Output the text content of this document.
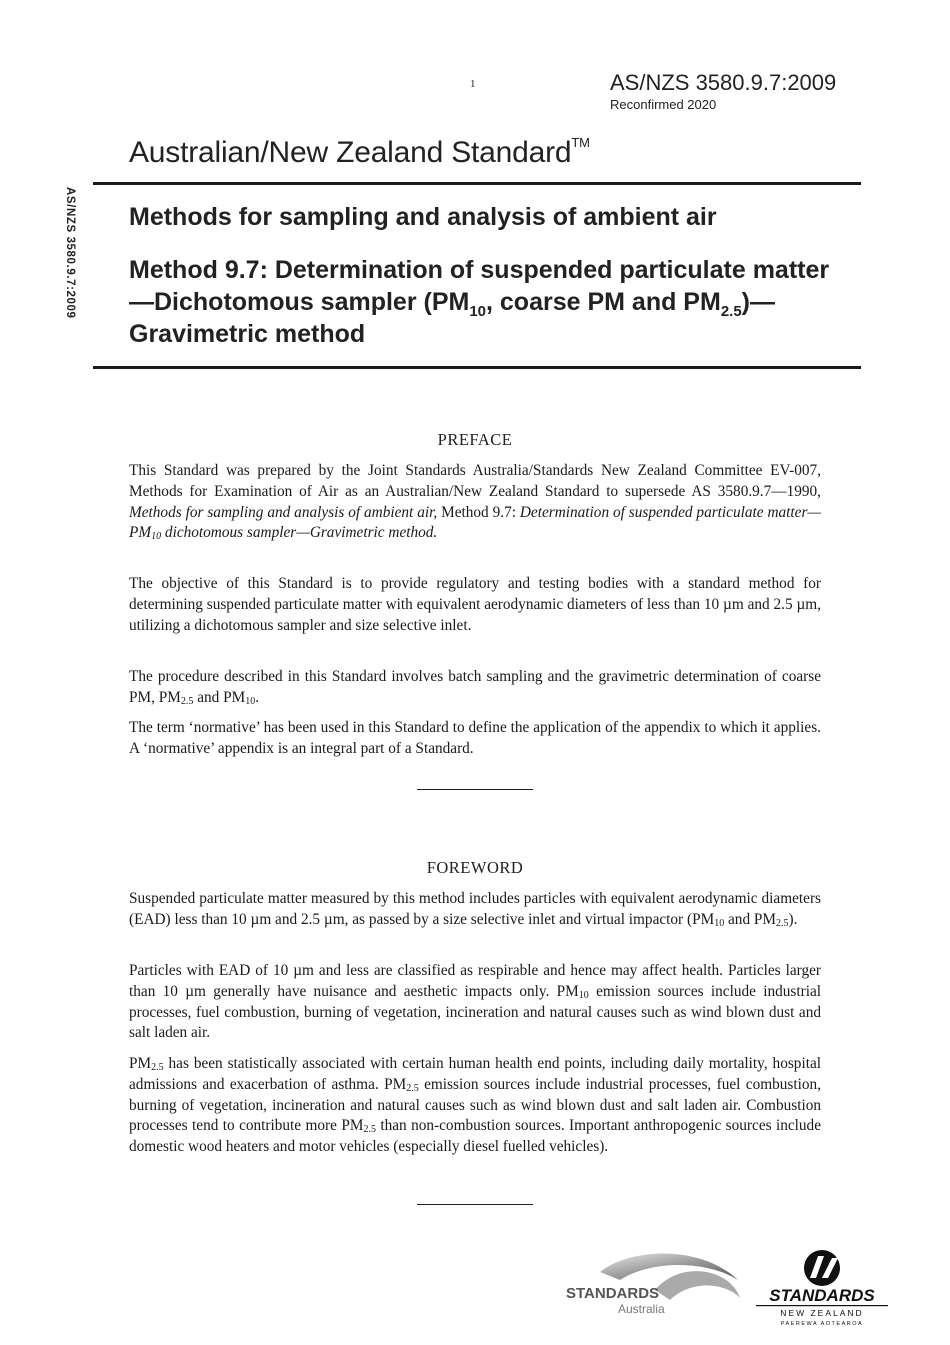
1	AS/NZS 3580.9.7:2009
Reconfirmed 2020
Australian/New Zealand Standard™
AS/NZS 3580.9.7:2009 Methods for sampling and analysis of ambient air
Method 9.7: Determination of suspended particulate matter—Dichotomous sampler ($PM_{10}$, coarse PM and $PM_{2.5})—Gravimetric$ method
PREFACE

This Standard was prepared by the Joint Standards Australia/Standards New Zealand Committee EV-007, Methods for Examination of Air as an Australian/New Zealand Standard to supersede AS 3580.9.7—1990, Methods for sampling and analysis of ambient air, Method 9.7: Determination of suspended particulate $matter—PM_{10}$ dichotomous sampler—Gravimetric method.

The objective of this Standard is to provide regulatory and testing bodies with a standard method for determining suspended particulate matter with equivalent aerodynamic diameters of less than 10 µm and 2.5 µm, utilizing a dichotomous sampler and size selective inlet.

The procedure described in this Standard involves batch sampling and the gravimetric determination of coarse PM, $PM_{2.5}$ and $PM_{10}$.

The term ‘normative’ has been used in this Standard to define the application of the appendix to which it applies. A ‘normative’ appendix is an integral part of a Standard.

FOREWORD

Suspended particulate matter measured by this method includes particles with equivalent aerodynamic diameters (EAD) less than 10 µm and 2.5 µm, as passed by a size selective inlet and virtual impactor ($PM_{10}$ and $PM_{2.5}$).

Particles with EAD of 10 µm and less are classified as respirable and hence may affect health. Particles larger than 10 µm generally have nuisance and aesthetic impacts only. $PM_{10}$ emission sources include industrial processes, fuel combustion, burning of vegetation, incineration and natural causes such as wind blown dust and salt laden air.

$PM_{2.5}$ has been statistically associated with certain human health end points, including daily mortality, hospital admissions and exacerbation of asthma. $PM_{2.5}$ emission sources include industrial processes, fuel combustion, burning of vegetation, incineration and natural causes such as wind blown dust and salt laden air. Combustion processes tend to contribute more $PM_{2.5}$ than non-combustion sources. Important anthropogenic sources include domestic wood heaters and motor vehicles (especially diesel fuelled vehicles).

STANDARDS
Australia
STANDARDS
NEW ZEALAND
PAEREWA AOTEAROA
